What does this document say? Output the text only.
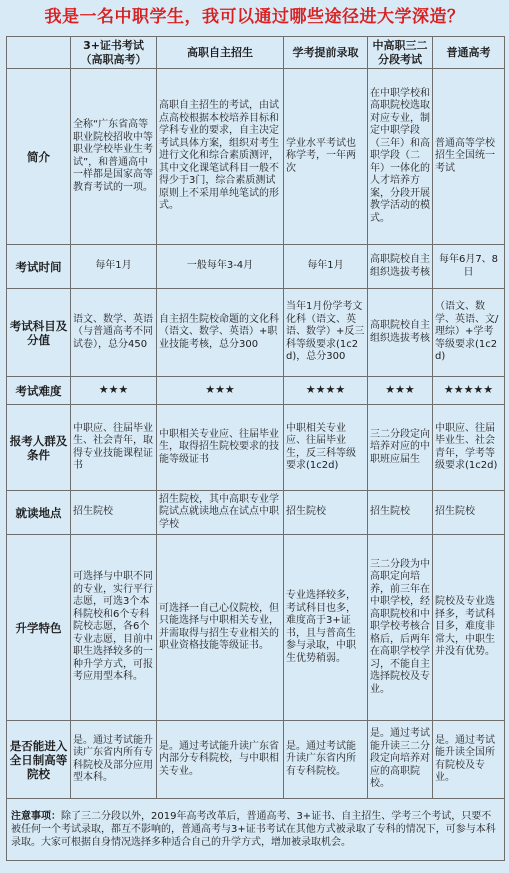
我是一名中职学生，我可以通过哪些途径进大学深造？
	3+证书考试（高职高考）	高职自主招生	学考提前录取	中高职三二分段考试	普通高考
简介	全称“广东省高等职业院校招收中等职业学校毕业生考试”，和普通高中一样都是国家高等教育考试的一项。	高职自主招生的考试，由试点高校根据本校培养目标和学科专业的要求，自主决定考试具体方案，组织对考生进行文化和综合素质测评，其中文化课笔试科目一般不得少于3门，综合素质测试原则上不采用单纯笔试的形式。	学业水平考试也称学考，一年两次	在中职学校和高职院校选取对应专业，制定中职学段（三年）和高职学段（二年）一体化的人才培养方案，分段开展教学活动的模式。	普通高等学校招生全国统一考试
考试时间	每年1月	一般每年3-4月	每年1月	高职院校自主组织选拔考核	每年6月7、8日
考试科目及分值	语文、数学、英语（与普通高考不同试卷），总分450	自主招生院校命题的文化科（语文、数学、英语）+职业技能考核，总分300	当年1月份学考文化科（语文、英语、数学）+反三科等级要求(1c2d)，总分300	高职院校自主组织选拔考核	（语文、数学、英语、文/理综）+学考等级要求(1c2d)
考试难度	★★★	★★★	★★★★	★★★	★★★★★
报考人群及条件	中职应、往届毕业生、社会青年，取得专业技能课程证书	中职相关专业应、往届毕业生，取得招生院校要求的技能等级证书	中职相关专业应、往届毕业生，反三科等级要求(1c2d)	三二分段定向培养对应的中职班应届生	中职应、往届毕业生、社会青年，学考等级要求(1c2d)
就读地点	招生院校	招生院校，其中高职专业学院试点就读地点在试点中职学校	招生院校	招生院校	招生院校
升学特色	可选择与中职不同的专业，实行平行志愿，可选3个本科院校和6个专科院校志愿，各6个专业志愿，目前中职生选择较多的一种升学方式，可报考应用型本科。	可选择一自己心仪院校，但只能选择与中职相关专业，并需取得与招生专业相关的职业资格技能等级证书。	专业选择较多，考试科目也多，难度高于3+证书，且与普高生参与录取，中职生优势稍弱。	三二分段为中高职定向培养，前三年在中职学校，经高职院校和中职学校考核合格后，后两年在高职学校学习，不能自主选择院校及专业。	院校及专业选择多，考试科目多，难度非常大，中职生并没有优势。
是否能进入全日制高等院校	是。通过考试能升读广东省内所有专科院校及部分应用型本科。	是。通过考试能升读广东省内部分专科院校，与中职相关专业。	是。通过考试能升读广东省内所有专科院校。	是。通过考试能升读三二分段定向培养对应的高职院校。	是。通过考试能升读全国所有院校及专业。
注意事项：除了三二分段以外，2019年高考改革后，普通高考、3+证书、自主招生、学考三个考试，只要不被任何一个考试录取，都互不影响的，普通高考与3+证书考试在其他方式被录取了专科的情况下，可参与本科录取。大家可根据自身情况选择多种适合自己的升学方式，增加被录取机会。					
